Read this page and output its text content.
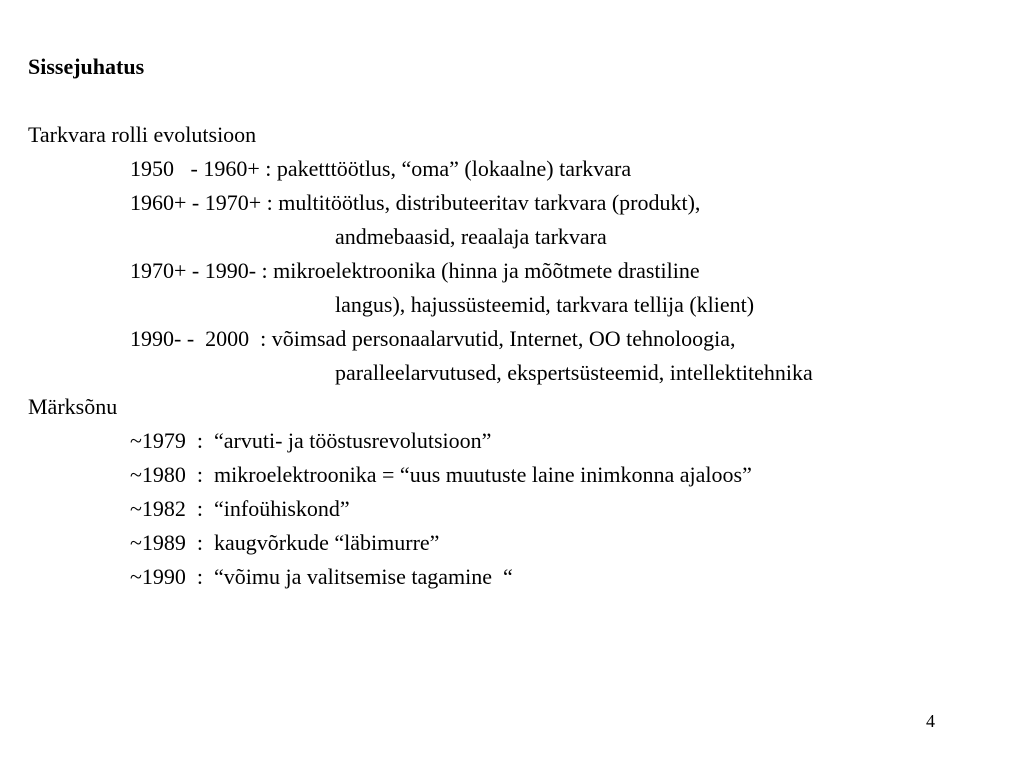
Sissejuhatus
Tarkvara rolli evolutsioon
1950   - 1960+ : paketttöötlus, “oma” (lokaalne) tarkvara
1960+ - 1970+ : multitöötlus, distributeeritav tarkvara (produkt),
andmebaasid, reaalaja tarkvara
1970+ - 1990- : mikroelektroonika (hinna ja mõõtmete drastiline
langus), hajussüsteemid, tarkvara tellija (klient)
1990- -  2000  : võimsad personaalarvutid, Internet, OO tehnoloogia,
paralleelarvutused, ekspertsüsteemid, intellektitehnika
Märksõnu
~1979  :  “arvuti- ja tööstusrevolutsioon”
~1980  :  mikroelektroonika = “uus muutuste laine inimkonna ajaloos”
~1982  :  “infoühiskond”
~1989  :  kaugvõrkude “läbimurre”
~1990  :  “võimu ja valitsemise tagamine  “
4
